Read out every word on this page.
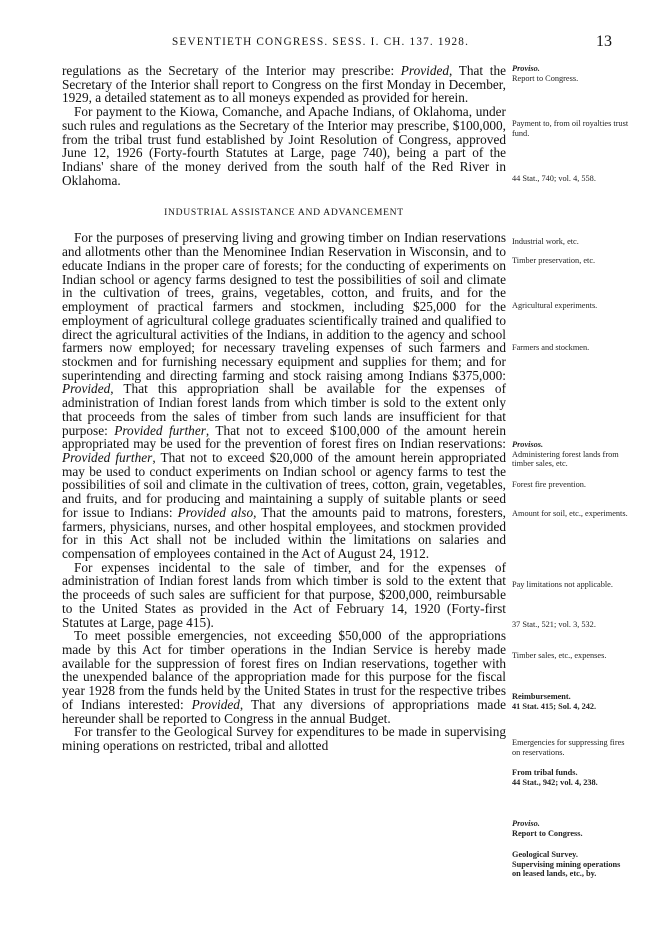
SEVENTIETH CONGRESS. SESS. I. CH. 137. 1928.	13

regulations as the Secretary of the Interior may prescribe: Provided, That the Secretary of the Interior shall report to Congress on the first Monday in December, 1929, a detailed statement as to all moneys expended as provided for herein.

For payment to the Kiowa, Comanche, and Apache Indians, of Oklahoma, under such rules and regulations as the Secretary of the Interior may prescribe, $100,000, from the tribal trust fund established by Joint Resolution of Congress, approved June 12, 1926 (Forty-fourth Statutes at Large, page 740), being a part of the Indians' share of the money derived from the south half of the Red River in Oklahoma.

INDUSTRIAL ASSISTANCE AND ADVANCEMENT

For the purposes of preserving living and growing timber on Indian reservations and allotments other than the Menominee Indian Reservation in Wisconsin, and to educate Indians in the proper care of forests; for the conducting of experiments on Indian school or agency farms designed to test the possibilities of soil and climate in the cultivation of trees, grains, vegetables, cotton, and fruits, and for the employment of practical farmers and stockmen, including $25,000 for the employment of agricultural college graduates scientifically trained and qualified to direct the agricultural activities of the Indians, in addition to the agency and school farmers now employed; for necessary traveling expenses of such farmers and stockmen and for furnishing necessary equipment and supplies for them; and for superintending and directing farming and stock raising among Indians $375,000: Provided, That this appropriation shall be available for the expenses of administration of Indian forest lands from which timber is sold to the extent only that proceeds from the sales of timber from such lands are insufficient for that purpose: Provided further, That not to exceed $100,000 of the amount herein appropriated may be used for the prevention of forest fires on Indian reservations: Provided further, That not to exceed $20,000 of the amount herein appropriated may be used to conduct experiments on Indian school or agency farms to test the possibilities of soil and climate in the cultivation of trees, cotton, grain, vegetables, and fruits, and for producing and maintaining a supply of suitable plants or seed for issue to Indians: Provided also, That the amounts paid to matrons, foresters, farmers, physicians, nurses, and other hospital employees, and stockmen provided for in this Act shall not be included within the limitations on salaries and compensation of employees contained in the Act of August 24, 1912.

For expenses incidental to the sale of timber, and for the expenses of administration of Indian forest lands from which timber is sold to the extent that the proceeds of such sales are sufficient for that purpose, $200,000, reimbursable to the United States as provided in the Act of February 14, 1920 (Forty-first Statutes at Large, page 415).

To meet possible emergencies, not exceeding $50,000 of the appropriations made by this Act for timber operations in the Indian Service is hereby made available for the suppression of forest fires on Indian reservations, together with the unexpended balance of the appropriation made for this purpose for the fiscal year 1928 from the funds held by the United States in trust for the respective tribes of Indians interested: Provided, That any diversions of appropriations made hereunder shall be reported to Congress in the annual Budget.

For transfer to the Geological Survey for expenditures to be made in supervising mining operations on restricted, tribal and allotted

Proviso.
Report to Congress.
Payment to, from oil royalties trust fund.
44 Stat., 740; vol. 4, 558.
Industrial work, etc.
Timber preservation, etc.
Agricultural experiments.
Farmers and stockmen.
Provisos.
Administering forest lands from timber sales, etc.
Forest fire prevention.
Amount for soil, etc., experiments.
Pay limitations not applicable.
37 Stat., 521; vol. 3, 532.
Timber sales, etc., expenses.
Reimbursement.
41 Stat. 415; Sol. 4, 242.
Emergencies for suppressing fires on reservations.
From tribal funds.
44 Stat., 942; vol. 4, 238.
Proviso.
Report to Congress.
Geological Survey.
Supervising mining operations on leased lands, etc., by.
